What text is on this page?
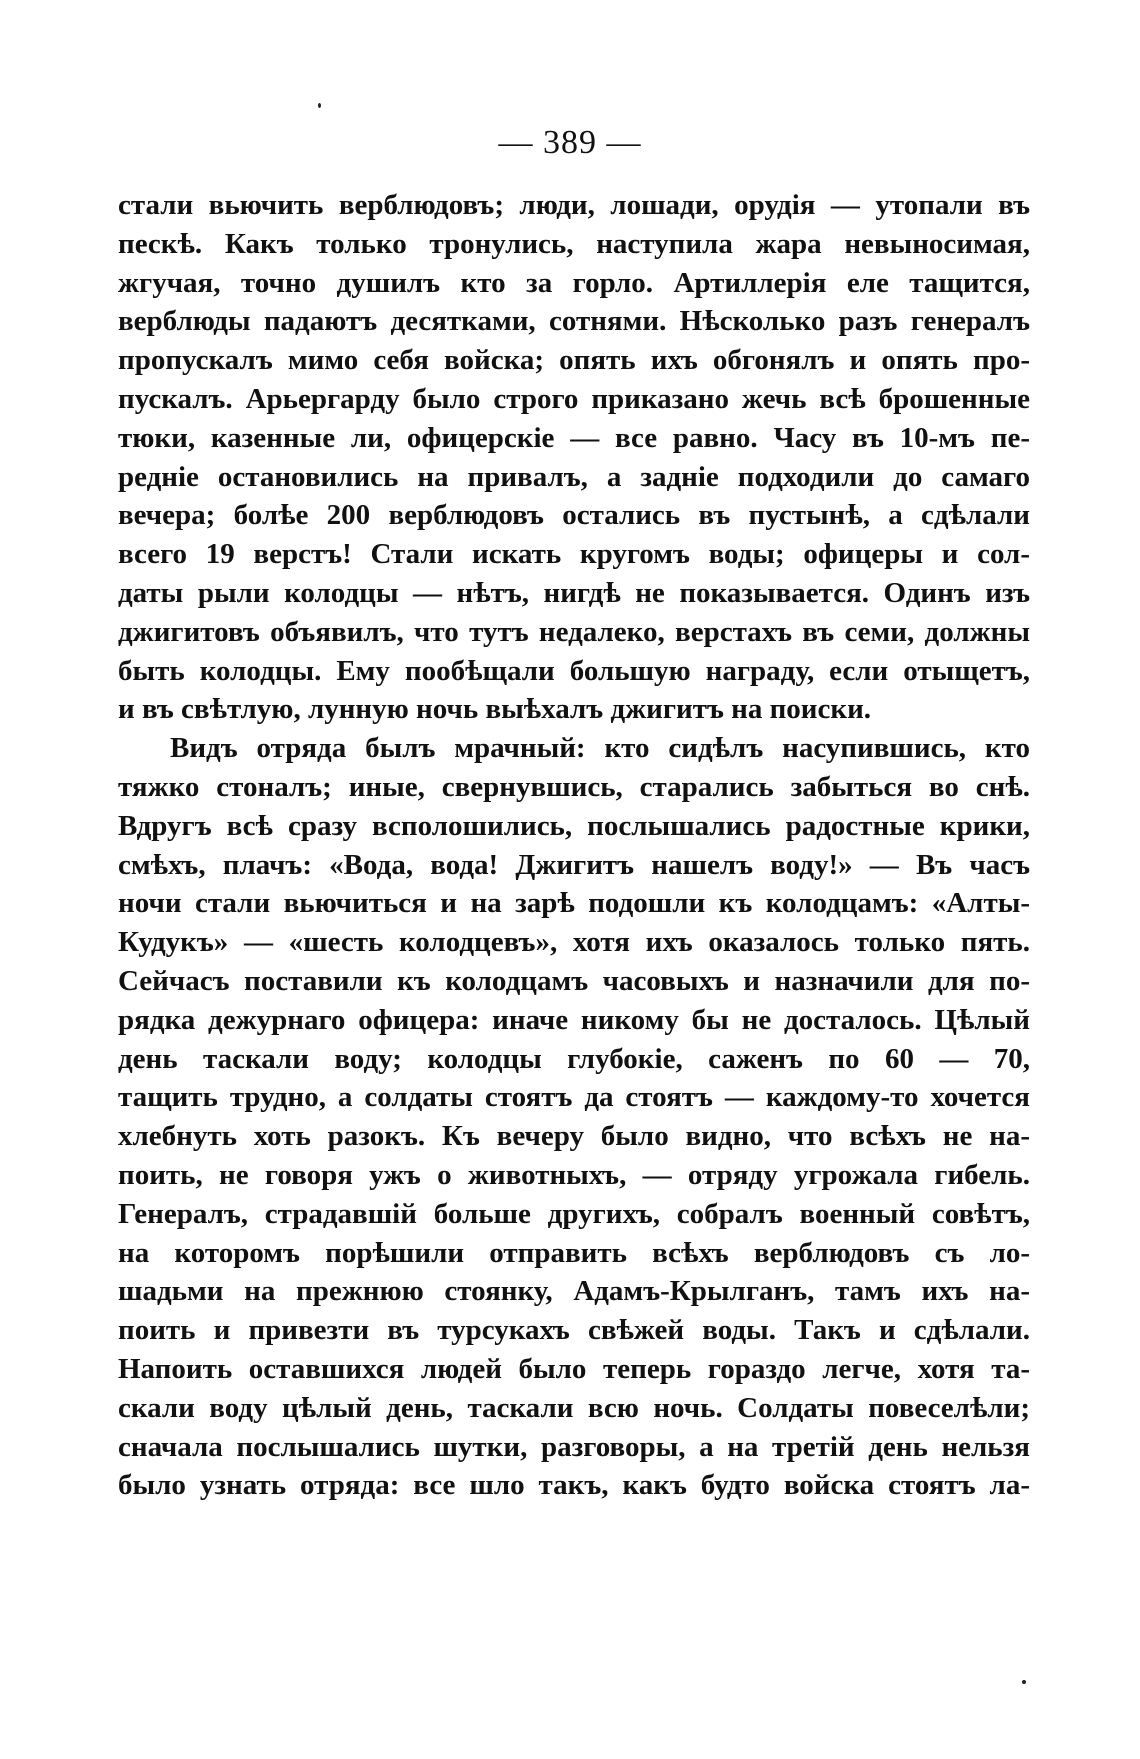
— 389 —
стали вьючить верблюдовъ; люди, лошади, орудія — утопали въ
пескѣ. Какъ только тронулись, наступила жара невыносимая,
жгучая, точно душилъ кто за горло. Артиллерія еле тащится,
верблюды падаютъ десятками, сотнями. Нѣсколько разъ генералъ
пропускалъ мимо себя войска; опять ихъ обгонялъ и опять про-
пускалъ. Арьергарду было строго приказано жечь всѣ брошенные
тюки, казенные ли, офицерскіе — все равно. Часу въ 10-мъ пе-
редніе остановились на привалъ, а задніе подходили до самаго
вечера; болѣе 200 верблюдовъ остались въ пустынѣ, а сдѣлали
всего 19 верстъ! Стали искать кругомъ воды; офицеры и сол-
даты рыли колодцы — нѣтъ, нигдѣ не показывается. Одинъ изъ
джигитовъ объявилъ, что тутъ недалеко, верстахъ въ семи, должны
быть колодцы. Ему пообѣщали большую награду, если отыщетъ,
и въ свѣтлую, лунную ночь выѣхалъ джигитъ на поиски.
Видъ отряда былъ мрачный: кто сидѣлъ насупившись, кто
тяжко стоналъ; иные, свернувшись, старались забыться во снѣ.
Вдругъ всѣ сразу всполошились, послышались радостные крики,
смѣхъ, плачъ: «Вода, вода! Джигитъ нашелъ воду!» — Въ часъ
ночи стали вьючиться и на зарѣ подошли къ колодцамъ: «Алты-
Кудукъ» — «шесть колодцевъ», хотя ихъ оказалось только пять.
Сейчасъ поставили къ колодцамъ часовыхъ и назначили для по-
рядка дежурнаго офицера: иначе никому бы не досталось. Цѣлый
день таскали воду; колодцы глубокіе, саженъ по 60 — 70,
тащить трудно, а солдаты стоятъ да стоятъ — каждому-то хочется
хлебнуть хоть разокъ. Къ вечеру было видно, что всѣхъ не на-
поить, не говоря ужъ о животныхъ, — отряду угрожала гибель.
Генералъ, страдавшій больше другихъ, собралъ военный совѣтъ,
на которомъ порѣшили отправить всѣхъ верблюдовъ съ ло-
шадьми на прежнюю стоянку, Адамъ-Крылганъ, тамъ ихъ на-
поить и привезти въ турсукахъ свѣжей воды. Такъ и сдѣлали.
Напоить оставшихся людей было теперь гораздо легче, хотя та-
скали воду цѣлый день, таскали всю ночь. Солдаты повеселѣли;
сначала послышались шутки, разговоры, а на третій день нельзя
было узнать отряда: все шло такъ, какъ будто войска стоятъ ла-
